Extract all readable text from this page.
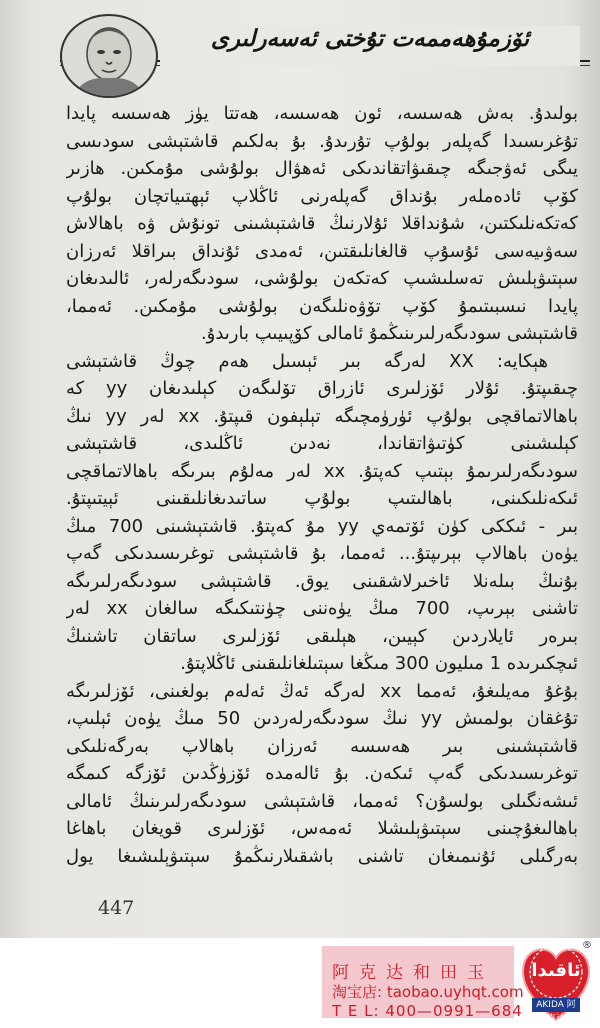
ئۆزمۇھەممەت تۇختى ئەسەرلىرى
بولىدۇ. بەش ھەسسە، ئون ھەسسە، ھەتتا يۈز ھەسسە پايدا
تۇغرىسىدا گەپلەر بولۇپ تۇرىدۇ. بۇ بەلكىم قاشتېشى سودىسى
يىگى ئەۋجىگە چىقىۋاتقاندىكى ئەھۋال بولۇشى مۇمكىن. ھازىر
كۆپ ئادەملەر بۇنداق گەپلەرنى ئاڭلاپ ئېھتىياتچان بولۇپ
كەتكەنلىكتىن، شۇنداقلا ئۇلارنىڭ قاشتېشىنى تونۇش ۋە باھالاش
سەۋىيەسى ئۇسۇپ قالغانلىقتىن، ئەمدى ئۇنداق بىراقلا ئەرزان
سېتىۋېلىش تەسلىشىپ كەتكەن بولۇشى، سودىگەرلەر، ئالىدىغان
پايدا نىسبىتىمۇ كۆپ تۆۋەنلىگەن بولۇشى مۇمكىن. ئەمما،
قاشتېشى سودىگەرلىرىنىڭمۇ ئامالى كۆپىيىپ بارىدۇ.
ھېكايە: XX لەرگە بىر ئېسىل ھەم چوڭ قاشتېشى
چىقىپتۇ. ئۇلار ئۆزلىرى ئازراق تۆلىگەن كېلىدىغان yy كە
باھالاتماقچى بولۇپ ئۈرۈمچىگە تېلېفون قىپتۇ. xx لەر yy نىڭ
كېلىشىنى كۈتىۋاتقاندا، نەدىن ئاڭلىدى، قاشتېشى
سودىگەرلىرىمۇ بېتىپ كەپتۇ. xx لەر مەلۇم بىرىگە باھالاتماقچى
ئىكەنلىكىنى، باھالىتىپ بولۇپ ساتىدىغانلىقىنى ئېيتىپتۇ.
بىر - ئىككى كۈن ئۆتمەي yy مۇ كەپتۇ. قاشتېشىنى 700 مىڭ
يۈەن باھالاپ بېرىپتۇ... ئەمما، بۇ قاشتېشى توغرىسىدىكى گەپ
بۇنىڭ بىلەنلا ئاخىرلاشقىنى يوق. قاشتېشى سودىگەرلىرىگە
تاشنى بېرىپ، 700 مىڭ يۈەننى چۈنتىكىگە سالغان xx لەر
بىرەر ئايلاردىن كېيىن، ھېلىقى ئۆزلىرى ساتقان تاشنىڭ
ئىچكىرىدە 1 مىليون 300 مىڭغا سېتىلغانلىقىنى ئاڭلاپتۇ.
بۇغۇ مەيلىغۇ، ئەمما xx لەرگە ئەڭ ئەلەم بولغىنى، ئۆزلىرىگە
تۇغقان بولمىش yy نىڭ سودىگەرلەردىن 50 مىڭ يۈەن ئېلىپ،
قاشتېشىنى بىر ھەسسە ئەرزان باھالاپ بەرگەنلىكى
توغرىسىدىكى گەپ ئىكەن. بۇ ئالەمدە ئۆزۈڭدىن ئۆزگە كىمگە
ئىشەنگىلى بولسۇن؟ ئەمما، قاشتېشى سودىگەرلىرىنىڭ ئامالى
باھالىغۇچىنى سېتىۋېلىشلا ئەمەس، ئۆزلىرى قويغان باھاغا
بەرگىلى ئۇنىمىغان تاشنى باشقىلارنىڭمۇ سېتىۋېلىشىغا يول
447
阿克达和田玉
淘宝店: taobao.uyhqt.com
T E L: 400—0991—684
ئاقىدا
AKIDA 阿克达
®
